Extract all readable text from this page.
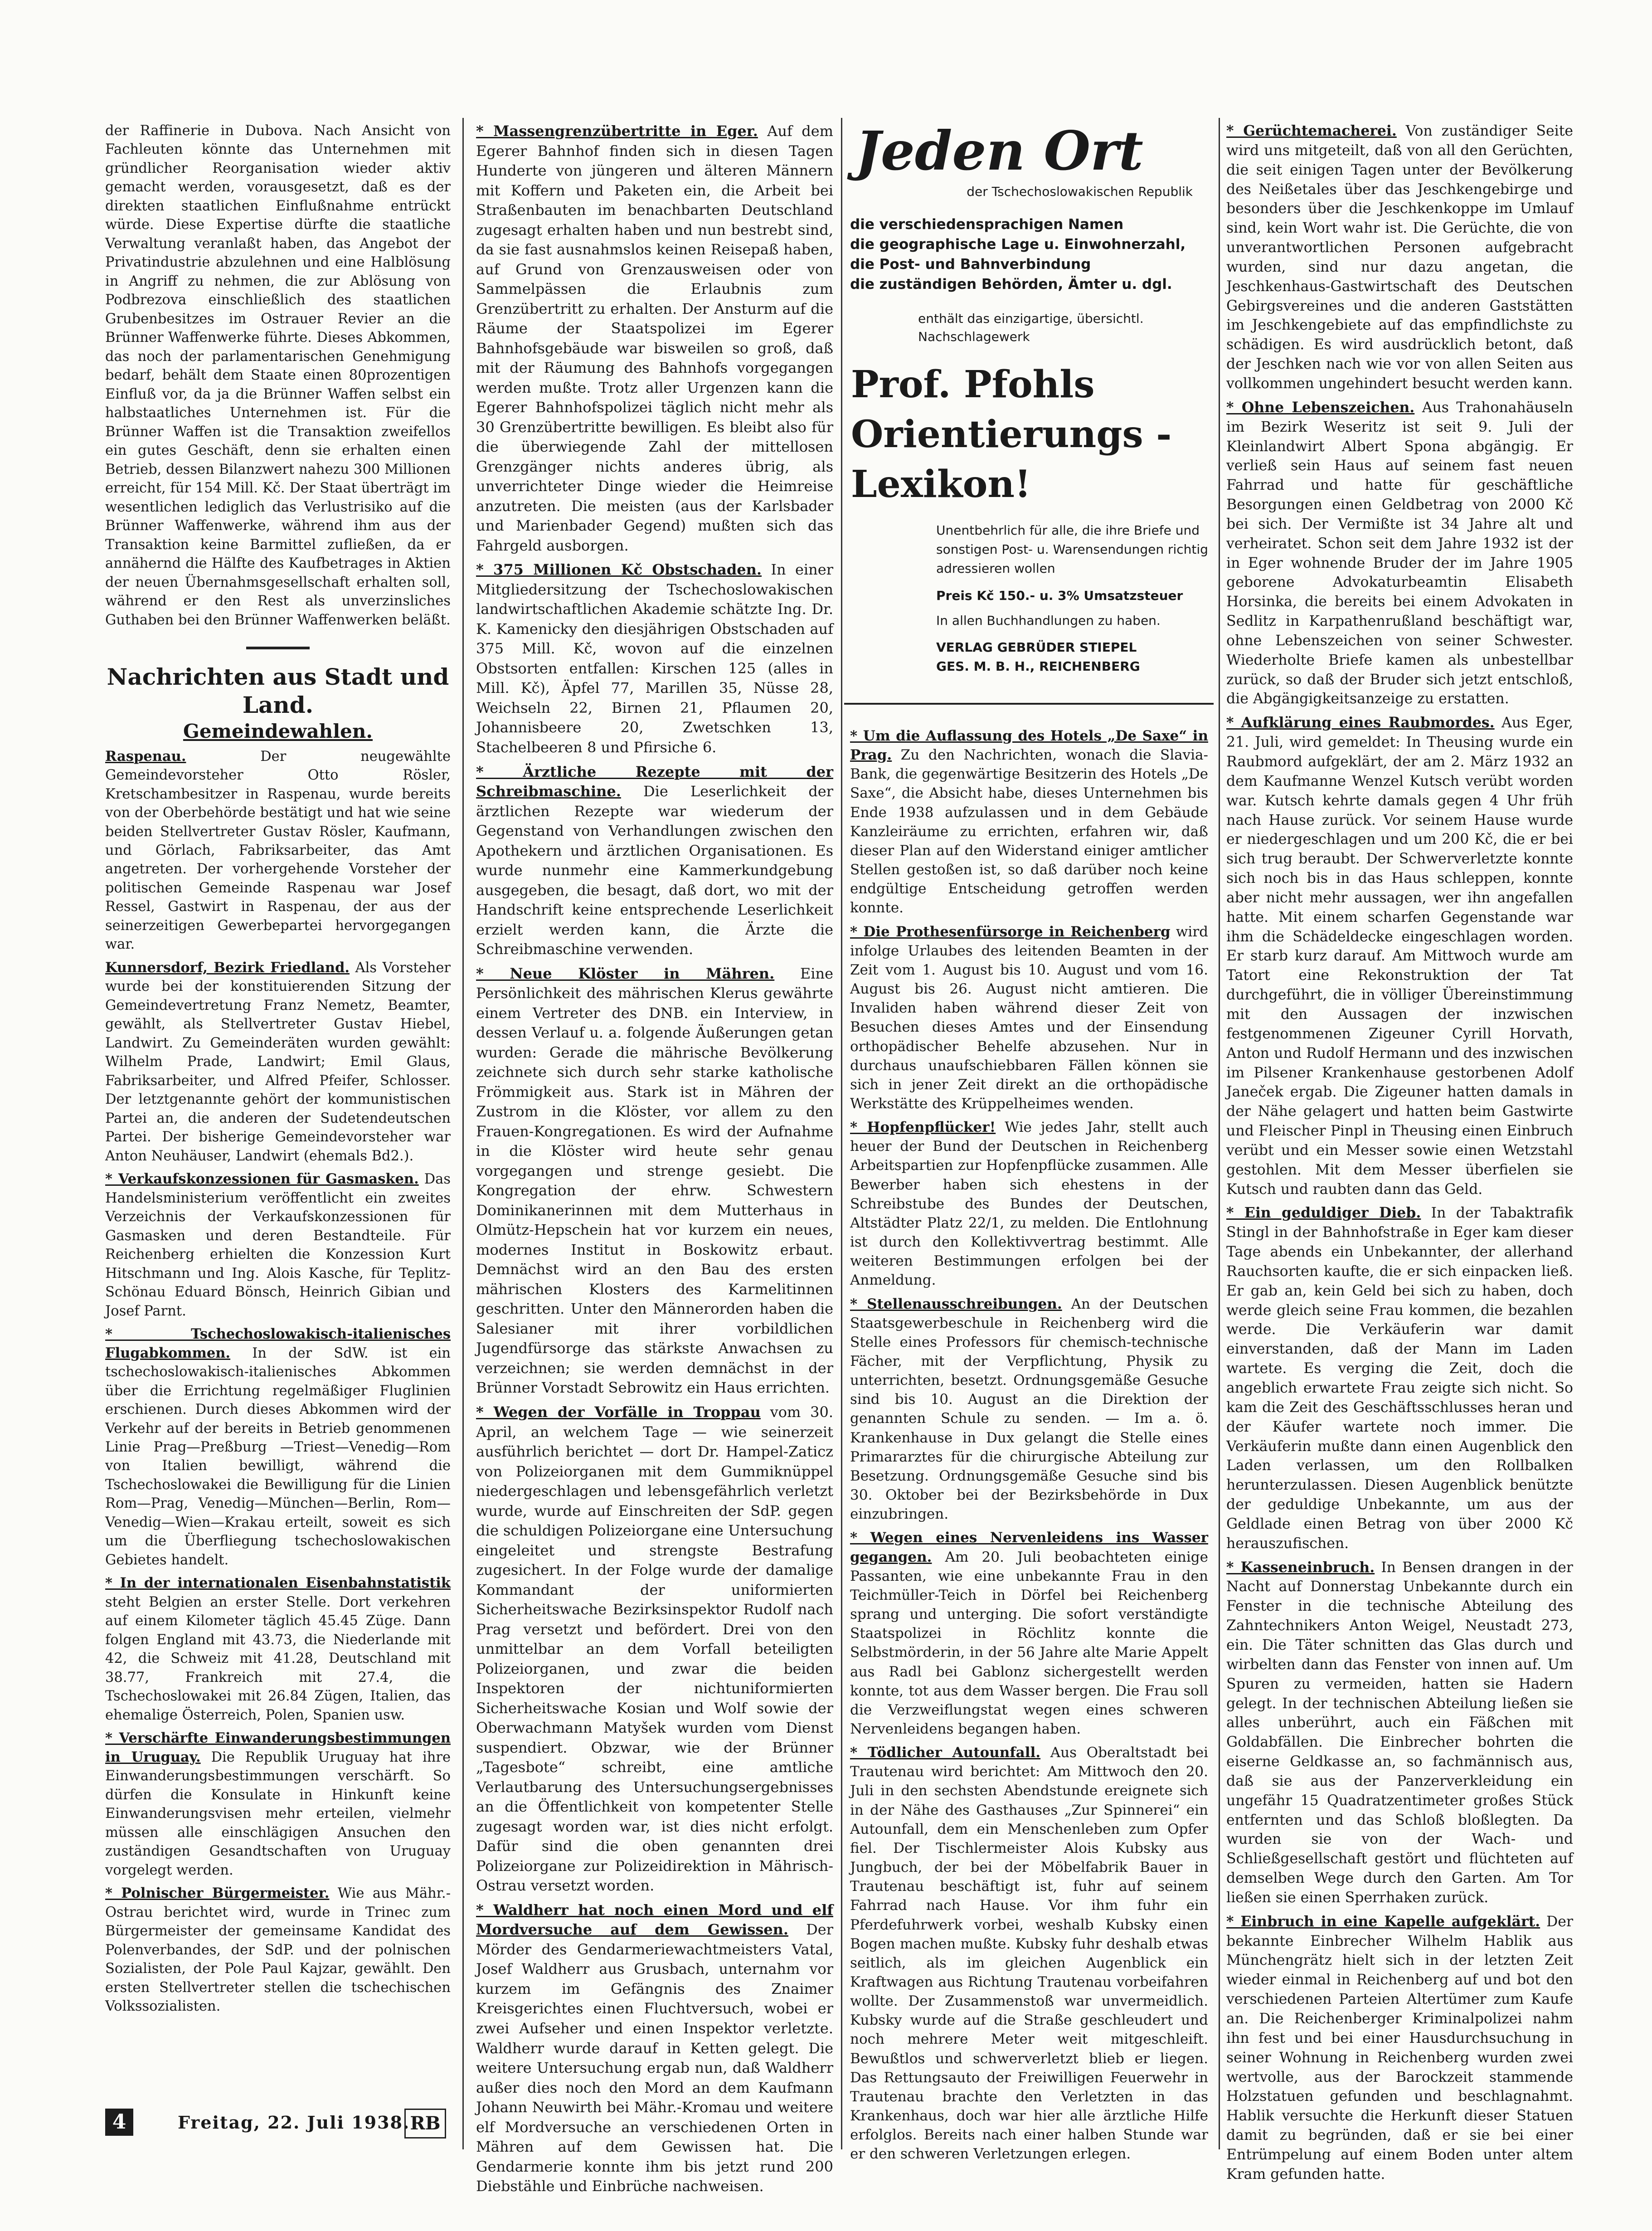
der Raffinerie in Dubova. Nach Ansicht von Fachleuten könnte das Unternehmen mit gründlicher Reorganisation wieder aktiv gemacht werden, vorausgesetzt, daß es der direkten staatlichen Einflußnahme entrückt würde. Diese Expertise dürfte die staatliche Verwaltung veranlaßt haben, das Angebot der Privatindustrie abzulehnen und eine Halblösung in Angriff zu nehmen, die zur Ablösung von Podbrezova einschließlich des staatlichen Grubenbesitzes im Ostrauer Revier an die Brünner Waffenwerke führte. Dieses Abkommen, das noch der parlamentarischen Genehmigung bedarf, behält dem Staate einen 80prozentigen Einfluß vor, da ja die Brünner Waffen selbst ein halbstaatliches Unternehmen ist. Für die Brünner Waffen ist die Transaktion zweifellos ein gutes Geschäft, denn sie erhalten einen Betrieb, dessen Bilanzwert nahezu 300 Millionen erreicht, für 154 Mill. Kč. Der Staat überträgt im wesentlichen lediglich das Verlustrisiko auf die Brünner Waffenwerke, während ihm aus der Transaktion keine Barmittel zufließen, da er annähernd die Hälfte des Kaufbetrages in Aktien der neuen Übernahmsgesellschaft erhalten soll, während er den Rest als unverzinsliches Guthaben bei den Brünner Waffenwerken beläßt.

Nachrichten aus Stadt und Land.
Gemeindewahlen.

Raspenau. Der neugewählte Gemeindevorsteher Otto Rösler, Kretschambesitzer in Raspenau, wurde bereits von der Oberbehörde bestätigt und hat wie seine beiden Stellvertreter Gustav Rösler, Kaufmann, und Görlach, Fabriksarbeiter, das Amt angetreten. Der vorhergehende Vorsteher der politischen Gemeinde Raspenau war Josef Ressel, Gastwirt in Raspenau, der aus der seinerzeitigen Gewerbepartei hervorgegangen war.

Kunnersdorf, Bezirk Friedland. Als Vorsteher wurde bei der konstituierenden Sitzung der Gemeindevertretung Franz Nemetz, Beamter, gewählt, als Stellvertreter Gustav Hiebel, Landwirt. Zu Gemeinderäten wurden gewählt: Wilhelm Prade, Landwirt; Emil Glaus, Fabriksarbeiter, und Alfred Pfeifer, Schlosser. Der letztgenannte gehört der kommunistischen Partei an, die anderen der Sudetendeutschen Partei. Der bisherige Gemeindevorsteher war Anton Neuhäuser, Landwirt (ehemals Bd2.).

* Verkaufskonzessionen für Gasmasken. Das Handelsministerium veröffentlicht ein zweites Verzeichnis der Verkaufskonzessionen für Gasmasken und deren Bestandteile. Für Reichenberg erhielten die Konzession Kurt Hitschmann und Ing. Alois Kasche, für Teplitz-Schönau Eduard Bönsch, Heinrich Gibian und Josef Parnt.

* Tschechoslowakisch-italienisches Flugabkommen. In der SdW. ist ein tschechoslowakisch-italienisches Abkommen über die Errichtung regelmäßiger Fluglinien erschienen. Durch dieses Abkommen wird der Verkehr auf der bereits in Betrieb genommenen Linie Prag—Preßburg —Triest—Venedig—Rom von Italien bewilligt, während die Tschechoslowakei die Bewilligung für die Linien Rom—Prag, Venedig—München—Berlin, Rom—Venedig—Wien—Krakau erteilt, soweit es sich um die Überfliegung tschechoslowakischen Gebietes handelt.

* In der internationalen Eisenbahnstatistik steht Belgien an erster Stelle. Dort verkehren auf einem Kilometer täglich 45.45 Züge. Dann folgen England mit 43.73, die Niederlande mit 42, die Schweiz mit 41.28, Deutschland mit 38.77, Frankreich mit 27.4, die Tschechoslowakei mit 26.84 Zügen, Italien, das ehemalige Österreich, Polen, Spanien usw.

* Verschärfte Einwanderungsbestimmungen in Uruguay. Die Republik Uruguay hat ihre Einwanderungsbestimmungen verschärft. So dürfen die Konsulate in Hinkunft keine Einwanderungsvisen mehr erteilen, vielmehr müssen alle einschlägigen Ansuchen den zuständigen Gesandtschaften von Uruguay vorgelegt werden.

* Polnischer Bürgermeister. Wie aus Mähr.-Ostrau berichtet wird, wurde in Trinec zum Bürgermeister der gemeinsame Kandidat des Polenverbandes, der SdP. und der polnischen Sozialisten, der Pole Paul Kajzar, gewählt. Den ersten Stellvertreter stellen die tschechischen Volkssozialisten.

* Massengrenzübertritte in Eger. Auf dem Egerer Bahnhof finden sich in diesen Tagen Hunderte von jüngeren und älteren Männern mit Koffern und Paketen ein, die Arbeit bei Straßenbauten im benachbarten Deutschland zugesagt erhalten haben und nun bestrebt sind, da sie fast ausnahmslos keinen Reisepaß haben, auf Grund von Grenzausweisen oder von Sammelpässen die Erlaubnis zum Grenzübertritt zu erhalten. Der Ansturm auf die Räume der Staatspolizei im Egerer Bahnhofsgebäude war bisweilen so groß, daß mit der Räumung des Bahnhofs vorgegangen werden mußte. Trotz aller Urgenzen kann die Egerer Bahnhofspolizei täglich nicht mehr als 30 Grenzübertritte bewilligen. Es bleibt also für die überwiegende Zahl der mittellosen Grenzgänger nichts anderes übrig, als unverrichteter Dinge wieder die Heimreise anzutreten. Die meisten (aus der Karlsbader und Marienbader Gegend) mußten sich das Fahrgeld ausborgen.

* 375 Millionen Kč Obstschaden. In einer Mitgliedersitzung der Tschechoslowakischen landwirtschaftlichen Akademie schätzte Ing. Dr. K. Kamenicky den diesjährigen Obstschaden auf 375 Mill. Kč, wovon auf die einzelnen Obstsorten entfallen: Kirschen 125 (alles in Mill. Kč), Äpfel 77, Marillen 35, Nüsse 28, Weichseln 22, Birnen 21, Pflaumen 20, Johannisbeere 20, Zwetschken 13, Stachelbeeren 8 und Pfirsiche 6.

* Ärztliche Rezepte mit der Schreibmaschine. Die Leserlichkeit der ärztlichen Rezepte war wiederum der Gegenstand von Verhandlungen zwischen den Apothekern und ärztlichen Organisationen. Es wurde nunmehr eine Kammerkundgebung ausgegeben, die besagt, daß dort, wo mit der Handschrift keine entsprechende Leserlichkeit erzielt werden kann, die Ärzte die Schreibmaschine verwenden.

* Neue Klöster in Mähren. Eine Persönlichkeit des mährischen Klerus gewährte einem Vertreter des DNB. ein Interview, in dessen Verlauf u. a. folgende Äußerungen getan wurden: Gerade die mährische Bevölkerung zeichnete sich durch sehr starke katholische Frömmigkeit aus. Stark ist in Mähren der Zustrom in die Klöster, vor allem zu den Frauen-Kongregationen. Es wird der Aufnahme in die Klöster wird heute sehr genau vorgegangen und strenge gesiebt. Die Kongregation der ehrw. Schwestern Dominikanerinnen mit dem Mutterhaus in Olmütz-Hepschein hat vor kurzem ein neues, modernes Institut in Boskowitz erbaut. Demnächst wird an den Bau des ersten mährischen Klosters des Karmelitinnen geschritten. Unter den Männerorden haben die Salesianer mit ihrer vorbildlichen Jugendfürsorge das stärkste Anwachsen zu verzeichnen; sie werden demnächst in der Brünner Vorstadt Sebrowitz ein Haus errichten.

* Wegen der Vorfälle in Troppau vom 30. April, an welchem Tage — wie seinerzeit ausführlich berichtet — dort Dr. Hampel-Zaticz von Polizeiorganen mit dem Gummiknüppel niedergeschlagen und lebensgefährlich verletzt wurde, wurde auf Einschreiten der SdP. gegen die schuldigen Polizeiorgane eine Untersuchung eingeleitet und strengste Bestrafung zugesichert. In der Folge wurde der damalige Kommandant der uniformierten Sicherheitswache Bezirksinspektor Rudolf nach Prag versetzt und befördert. Drei von den unmittelbar an dem Vorfall beteiligten Polizeiorganen, und zwar die beiden Inspektoren der nichtuniformierten Sicherheitswache Kosian und Wolf sowie der Oberwachmann Matyšek wurden vom Dienst suspendiert. Obzwar, wie der Brünner „Tagesbote“ schreibt, eine amtliche Verlautbarung des Untersuchungsergebnisses an die Öffentlichkeit von kompetenter Stelle zugesagt worden war, ist dies nicht erfolgt. Dafür sind die oben genannten drei Polizeiorgane zur Polizeidirektion in Mährisch-Ostrau versetzt worden.

* Waldherr hat noch einen Mord und elf Mordversuche auf dem Gewissen. Der Mörder des Gendarmeriewachtmeisters Vatal, Josef Waldherr aus Grusbach, unternahm vor kurzem im Gefängnis des Znaimer Kreisgerichtes einen Fluchtversuch, wobei er zwei Aufseher und einen Inspektor verletzte. Waldherr wurde darauf in Ketten gelegt. Die weitere Untersuchung ergab nun, daß Waldherr außer dies noch den Mord an dem Kaufmann Johann Neuwirth bei Mähr.-Kromau und weitere elf Mordversuche an verschiedenen Orten in Mähren auf dem Gewissen hat. Die Gendarmerie konnte ihm bis jetzt rund 200 Diebstähle und Einbrüche nachweisen.

Jeden Ort
der Tschechoslowakischen Republik
die verschiedensprachigen Namen
die geographische Lage u. Einwohnerzahl,
die Post- und Bahnverbindung
die zuständigen Behörden, Ämter u. dgl.
enthält das einzigartige, übersichtl. Nachschlagewerk
Prof. Pfohls
Orientierungs - Lexikon!
Unentbehrlich für alle, die ihre Briefe und sonstigen Post- u. Warensendungen richtig adressieren wollen
Preis Kč 150.- u. 3% Umsatzsteuer
In allen Buchhandlungen zu haben.
VERLAG GEBRÜDER STIEPEL
GES. M. B. H., REICHENBERG

* Um die Auflassung des Hotels „De Saxe“ in Prag. Zu den Nachrichten, wonach die Slavia-Bank, die gegenwärtige Besitzerin des Hotels „De Saxe“, die Absicht habe, dieses Unternehmen bis Ende 1938 aufzulassen und in dem Gebäude Kanzleiräume zu errichten, erfahren wir, daß dieser Plan auf den Widerstand einiger amtlicher Stellen gestoßen ist, so daß darüber noch keine endgültige Entscheidung getroffen werden konnte.

* Die Prothesenfürsorge in Reichenberg wird infolge Urlaubes des leitenden Beamten in der Zeit vom 1. August bis 10. August und vom 16. August bis 26. August nicht amtieren. Die Invaliden haben während dieser Zeit von Besuchen dieses Amtes und der Einsendung orthopädischer Behelfe abzusehen. Nur in durchaus unaufschiebbaren Fällen können sie sich in jener Zeit direkt an die orthopädische Werkstätte des Krüppelheimes wenden.

* Hopfenpflücker! Wie jedes Jahr, stellt auch heuer der Bund der Deutschen in Reichenberg Arbeitspartien zur Hopfenpflücke zusammen. Alle Bewerber haben sich ehestens in der Schreibstube des Bundes der Deutschen, Altstädter Platz 22/1, zu melden. Die Entlohnung ist durch den Kollektivvertrag bestimmt. Alle weiteren Bestimmungen erfolgen bei der Anmeldung.

* Stellenausschreibungen. An der Deutschen Staatsgewerbeschule in Reichenberg wird die Stelle eines Professors für chemisch-technische Fächer, mit der Verpflichtung, Physik zu unterrichten, besetzt. Ordnungsgemäße Gesuche sind bis 10. August an die Direktion der genannten Schule zu senden. — Im a. ö. Krankenhause in Dux gelangt die Stelle eines Primararztes für die chirurgische Abteilung zur Besetzung. Ordnungsgemäße Gesuche sind bis 30. Oktober bei der Bezirksbehörde in Dux einzubringen.

* Wegen eines Nervenleidens ins Wasser gegangen. Am 20. Juli beobachteten einige Passanten, wie eine unbekannte Frau in den Teichmüller-Teich in Dörfel bei Reichenberg sprang und unterging. Die sofort verständigte Staatspolizei in Röchlitz konnte die Selbstmörderin, in der 56 Jahre alte Marie Appelt aus Radl bei Gablonz sichergestellt werden konnte, tot aus dem Wasser bergen. Die Frau soll die Verzweiflungstat wegen eines schweren Nervenleidens begangen haben.

* Tödlicher Autounfall. Aus Oberaltstadt bei Trautenau wird berichtet: Am Mittwoch den 20. Juli in den sechsten Abendstunde ereignete sich in der Nähe des Gasthauses „Zur Spinnerei“ ein Autounfall, dem ein Menschenleben zum Opfer fiel. Der Tischlermeister Alois Kubsky aus Jungbuch, der bei der Möbelfabrik Bauer in Trautenau beschäftigt ist, fuhr auf seinem Fahrrad nach Hause. Vor ihm fuhr ein Pferdefuhrwerk vorbei, weshalb Kubsky einen Bogen machen mußte. Kubsky fuhr deshalb etwas seitlich, als im gleichen Augenblick ein Kraftwagen aus Richtung Trautenau vorbeifahren wollte. Der Zusammenstoß war unvermeidlich. Kubsky wurde auf die Straße geschleudert und noch mehrere Meter weit mitgeschleift. Bewußtlos und schwerverletzt blieb er liegen. Das Rettungsauto der Freiwilligen Feuerwehr in Trautenau brachte den Verletzten in das Krankenhaus, doch war hier alle ärztliche Hilfe erfolglos. Bereits nach einer halben Stunde war er den schweren Verletzungen erlegen.

* Gerüchtemacherei. Von zuständiger Seite wird uns mitgeteilt, daß von all den Gerüchten, die seit einigen Tagen unter der Bevölkerung des Neißetales über das Jeschkengebirge und besonders über die Jeschkenkoppe im Umlauf sind, kein Wort wahr ist. Die Gerüchte, die von unverantwortlichen Personen aufgebracht wurden, sind nur dazu angetan, die Jeschkenhaus-Gastwirtschaft des Deutschen Gebirgsvereines und die anderen Gaststätten im Jeschkengebiete auf das empfindlichste zu schädigen. Es wird ausdrücklich betont, daß der Jeschken nach wie vor von allen Seiten aus vollkommen ungehindert besucht werden kann.

* Ohne Lebenszeichen. Aus Trahonahäuseln im Bezirk Weseritz ist seit 9. Juli der Kleinlandwirt Albert Spona abgängig. Er verließ sein Haus auf seinem fast neuen Fahrrad und hatte für geschäftliche Besorgungen einen Geldbetrag von 2000 Kč bei sich. Der Vermißte ist 34 Jahre alt und verheiratet. Schon seit dem Jahre 1932 ist der in Eger wohnende Bruder der im Jahre 1905 geborene Advokaturbeamtin Elisabeth Horsinka, die bereits bei einem Advokaten in Sedlitz in Karpathenrußland beschäftigt war, ohne Lebenszeichen von seiner Schwester. Wiederholte Briefe kamen als unbestellbar zurück, so daß der Bruder sich jetzt entschloß, die Abgängigkeitsanzeige zu erstatten.

* Aufklärung eines Raubmordes. Aus Eger, 21. Juli, wird gemeldet: In Theusing wurde ein Raubmord aufgeklärt, der am 2. März 1932 an dem Kaufmanne Wenzel Kutsch verübt worden war. Kutsch kehrte damals gegen 4 Uhr früh nach Hause zurück. Vor seinem Hause wurde er niedergeschlagen und um 200 Kč, die er bei sich trug beraubt. Der Schwerverletzte konnte sich noch bis in das Haus schleppen, konnte aber nicht mehr aussagen, wer ihn angefallen hatte. Mit einem scharfen Gegenstande war ihm die Schädeldecke eingeschlagen worden. Er starb kurz darauf. Am Mittwoch wurde am Tatort eine Rekonstruktion der Tat durchgeführt, die in völliger Übereinstimmung mit den Aussagen der inzwischen festgenommenen Zigeuner Cyrill Horvath, Anton und Rudolf Hermann und des inzwischen im Pilsener Krankenhause gestorbenen Adolf Janeček ergab. Die Zigeuner hatten damals in der Nähe gelagert und hatten beim Gastwirte und Fleischer Pinpl in Theusing einen Einbruch verübt und ein Messer sowie einen Wetzstahl gestohlen. Mit dem Messer überfielen sie Kutsch und raubten dann das Geld.

* Ein geduldiger Dieb. In der Tabaktrafik Stingl in der Bahnhofstraße in Eger kam dieser Tage abends ein Unbekannter, der allerhand Rauchsorten kaufte, die er sich einpacken ließ. Er gab an, kein Geld bei sich zu haben, doch werde gleich seine Frau kommen, die bezahlen werde. Die Verkäuferin war damit einverstanden, daß der Mann im Laden wartete. Es verging die Zeit, doch die angeblich erwartete Frau zeigte sich nicht. So kam die Zeit des Geschäftsschlusses heran und der Käufer wartete noch immer. Die Verkäuferin mußte dann einen Augenblick den Laden verlassen, um den Rollbalken herunterzulassen. Diesen Augenblick benützte der geduldige Unbekannte, um aus der Geldlade einen Betrag von über 2000 Kč herauszufischen.

* Kasseneinbruch. In Bensen drangen in der Nacht auf Donnerstag Unbekannte durch ein Fenster in die technische Abteilung des Zahntechnikers Anton Weigel, Neustadt 273, ein. Die Täter schnitten das Glas durch und wirbelten dann das Fenster von innen auf. Um Spuren zu vermeiden, hatten sie Hadern gelegt. In der technischen Abteilung ließen sie alles unberührt, auch ein Fäßchen mit Goldabfällen. Die Einbrecher bohrten die eiserne Geldkasse an, so fachmännisch aus, daß sie aus der Panzerverkleidung ein ungefähr 15 Quadratzentimeter großes Stück entfernten und das Schloß bloßlegten. Da wurden sie von der Wach- und Schließgesellschaft gestört und flüchteten auf demselben Wege durch den Garten. Am Tor ließen sie einen Sperrhaken zurück.

* Einbruch in eine Kapelle aufgeklärt. Der bekannte Einbrecher Wilhelm Hablik aus Münchengrätz hielt sich in der letzten Zeit wieder einmal in Reichenberg auf und bot den verschiedenen Parteien Altertümer zum Kaufe an. Die Reichenberger Kriminalpolizei nahm ihn fest und bei einer Hausdurchsuchung in seiner Wohnung in Reichenberg wurden zwei wertvolle, aus der Barockzeit stammende Holzstatuen gefunden und beschlagnahmt. Hablik versuchte die Herkunft dieser Statuen damit zu begründen, daß er sie bei einer Entrümpelung auf einem Boden unter altem Kram gefunden hatte.

4	Freitag, 22. Juli 1938. RB
